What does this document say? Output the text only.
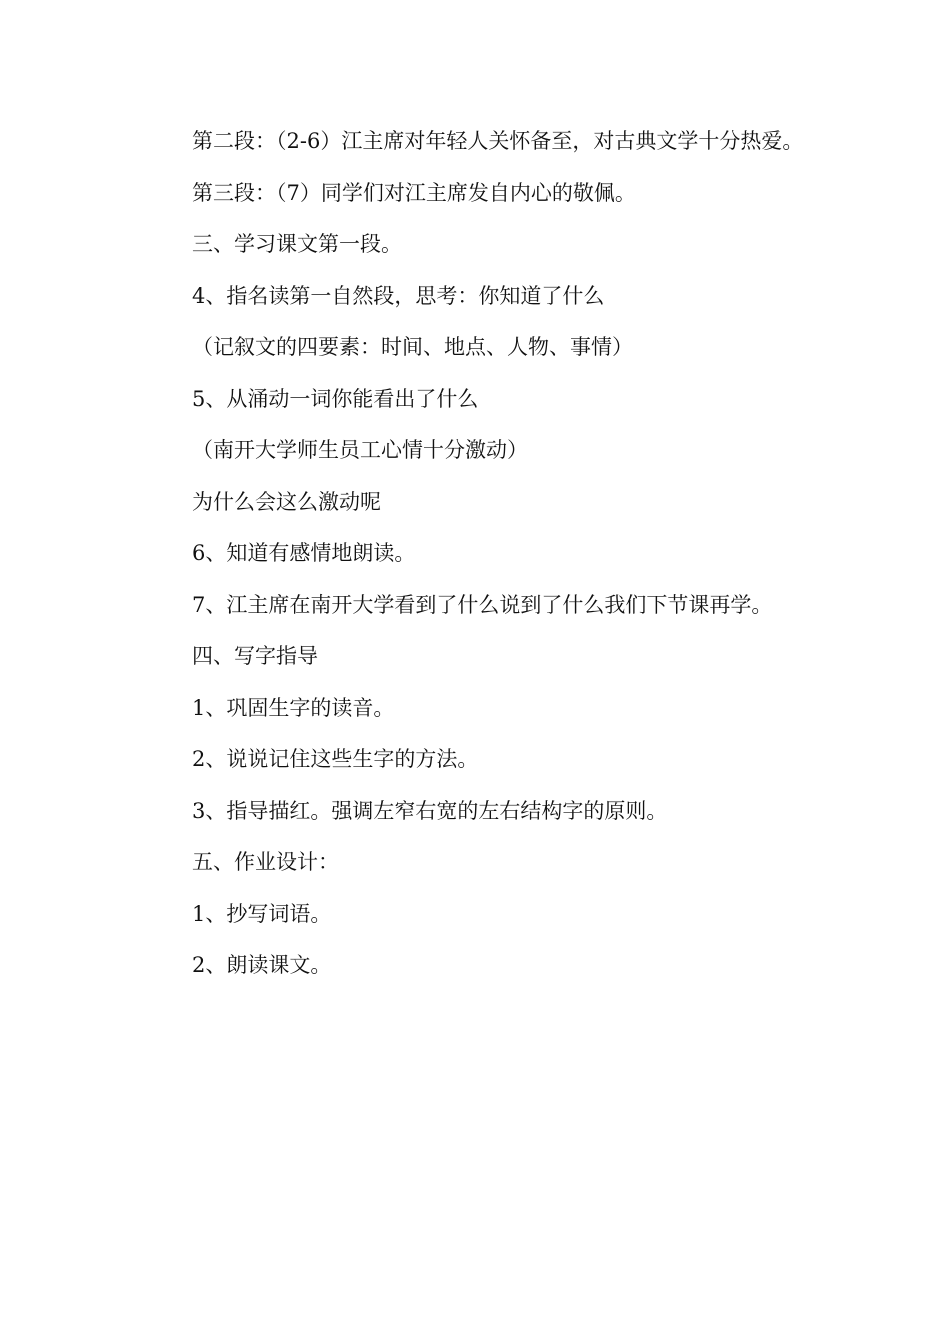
第二段：（2-6）江主席对年轻人关怀备至，对古典文学十分热爱。

第三段：（7）同学们对江主席发自内心的敬佩。

三、学习课文第一段。

4、指名读第一自然段，思考：你知道了什么

（记叙文的四要素：时间、地点、人物、事情）

5、从涌动一词你能看出了什么

（南开大学师生员工心情十分激动）

为什么会这么激动呢

6、知道有感情地朗读。

7、江主席在南开大学看到了什么说到了什么我们下节课再学。

四、写字指导

1、巩固生字的读音。

2、说说记住这些生字的方法。

3、指导描红。强调左窄右宽的左右结构字的原则。

五、作业设计：

1、抄写词语。

2、朗读课文。
